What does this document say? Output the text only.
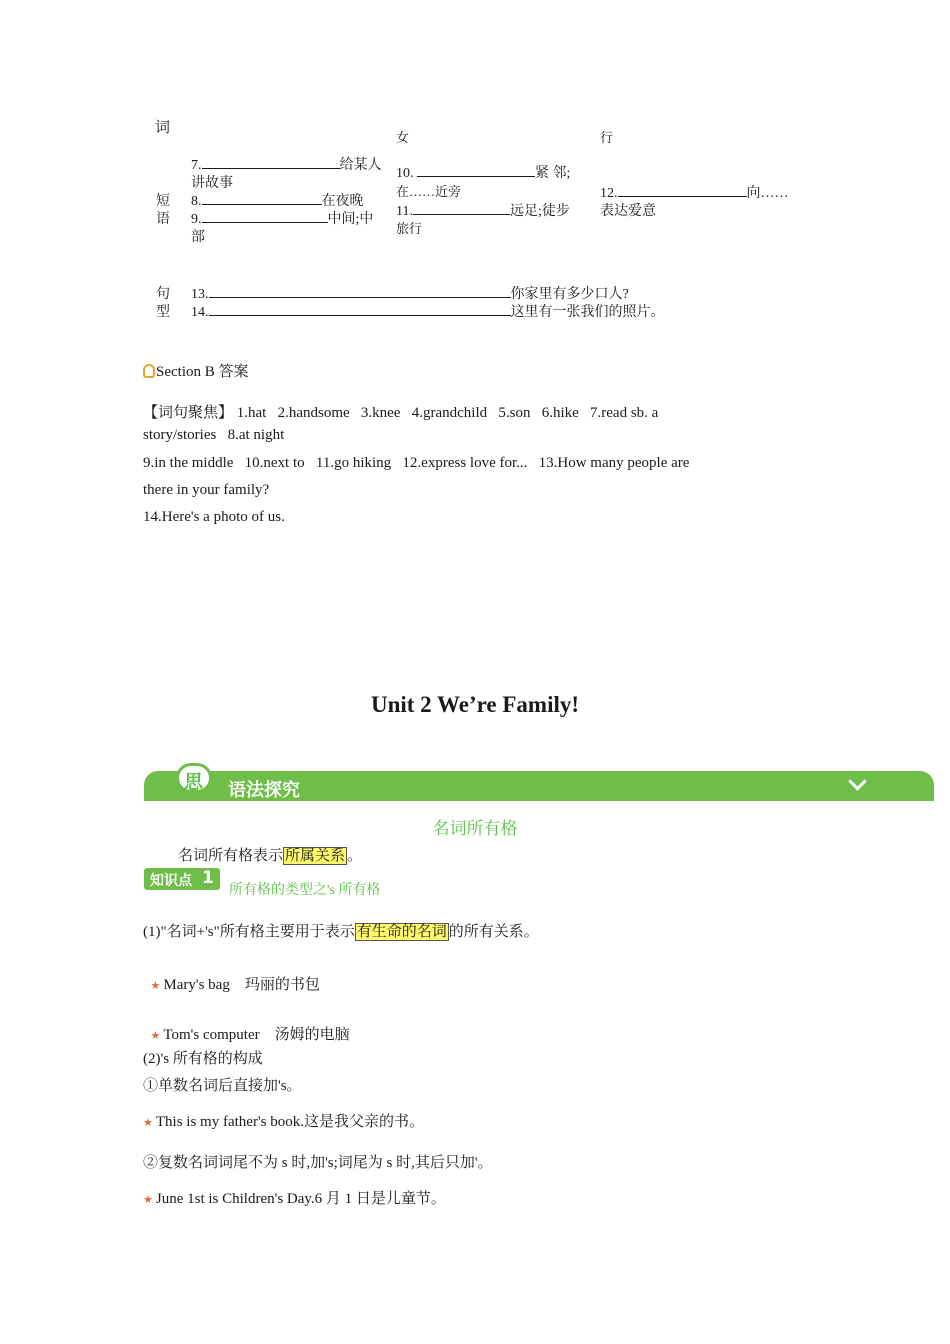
词
女	行
短
语
7.	给某人
讲故事
8.	在夜晚
9.	中间;中
部
10.	紧 邻;
在……近旁
11.	远足;徒步
旅行
12.	向……
表达爱意
句
型
13.	你家里有多少口人?
14.	这里有一张我们的照片。
Section B 答案
【词句聚焦】 1.hat   2.handsome   3.knee   4.grandchild   5.son   6.hike   7.read sb. a
story/stories   8.at night
9.in the middle   10.next to   11.go hiking   12.express love for...   13.How many people are
there in your family?
14.Here's a photo of us.
Unit 2 We’re Family!
思 语法探究
名词所有格
名词所有格表示 所属关系 。
知识点 1
所有格的类型之's 所有格
(1)"名词+'s"所有格主要用于表示 有生命的名词 的所有关系。

★ Mary's bag    玛丽的书包

★ Tom's computer    汤姆的电脑

(2)'s 所有格的构成
①单数名词后直接加's。
★ This is my father's book.这是我父亲的书。
②复数名词词尾不为 s 时,加's;词尾为 s 时,其后只加'。
★ June 1st is Children's Day.6 月 1 日是儿童节。
